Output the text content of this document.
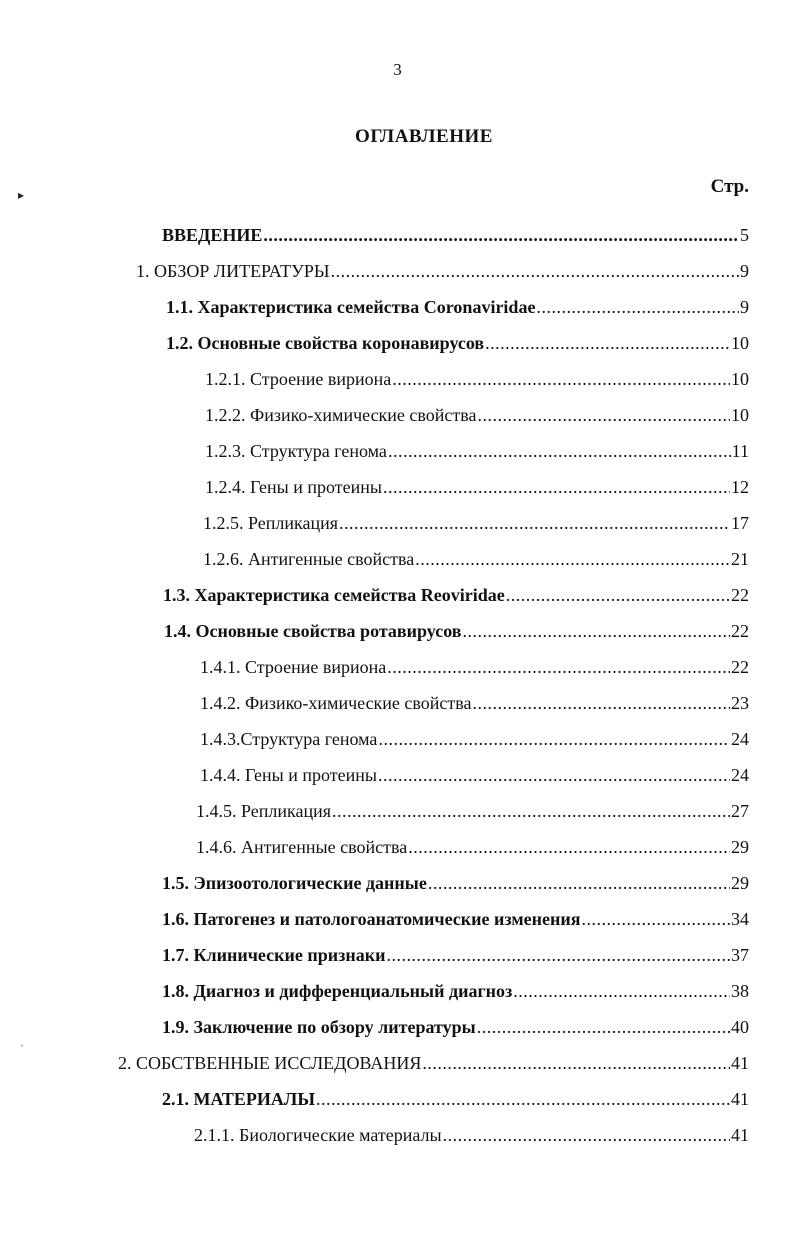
3
ОГЛАВЛЕНИЕ
Стр.
▸
ˈ
ВВЕДЕНИЕ .....	5
1. ОБЗОР ЛИТЕРАТУРЫ .....	9
1.1. Характеристика семейства Coronaviridae .....	9
1.2. Основные свойства коронавирусов .....	10
1.2.1. Строение вириона .....	10
1.2.2. Физико-химические свойства .....	10
1.2.3. Структура генома .....	11
1.2.4. Гены и протеины .....	12
1.2.5. Репликация .....	17
1.2.6. Антигенные свойства .....	21
1.3. Характеристика семейства Reoviridae .....	22
1.4. Основные свойства ротавирусов .....	22
1.4.1. Строение вириона .....	22
1.4.2. Физико-химические свойства .....	23
1.4.3.Структура генома .....	24
1.4.4. Гены и протеины .....	24
1.4.5. Репликация .....	27
1.4.6. Антигенные свойства .....	29
1.5. Эпизоотологические данные .....	29
1.6. Патогенез и патологоанатомические изменения .....	34
1.7. Клинические признаки .....	37
1.8. Диагноз и дифференциальный диагноз .....	38
1.9. Заключение по обзору литературы .....	40
2. СОБСТВЕННЫЕ ИССЛЕДОВАНИЯ .....	41
2.1. МАТЕРИАЛЫ .....	41
2.1.1. Биологические материалы .....	41
